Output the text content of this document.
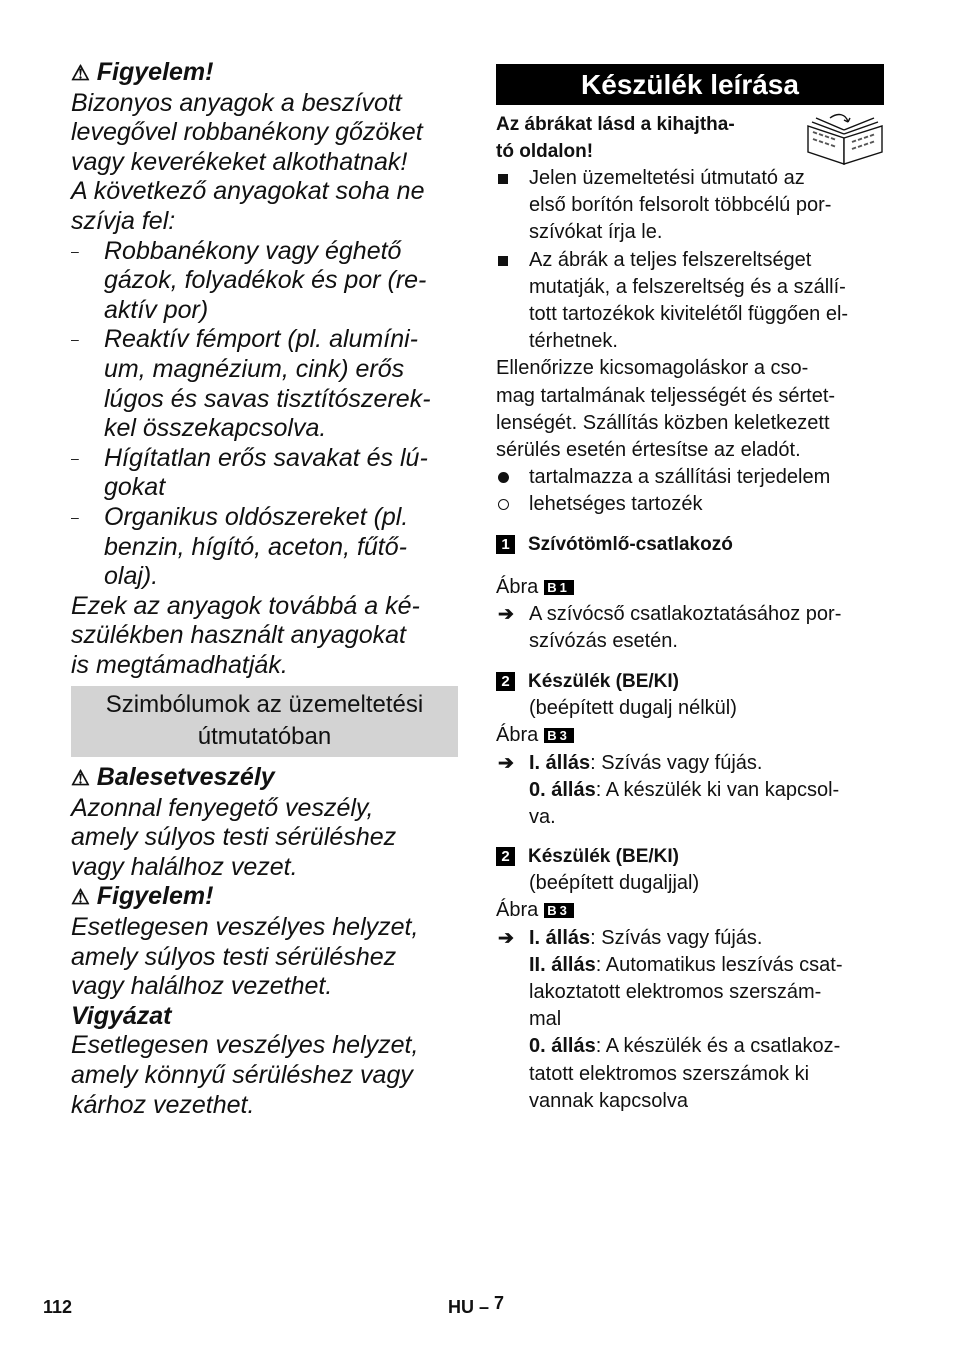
⚠ Figyelem!
Bizonyos anyagok a beszívott
levegővel robbanékony gőzöket
vagy keverékeket alkothatnak!
A következő anyagokat soha ne
szívja fel:
– Robbanékony vagy éghető
gázok, folyadékok és por (re-
aktív por)
– Reaktív fémport (pl. alumíni-
um, magnézium, cink) erős
lúgos és savas tisztítószerek-
kel összekapcsolva.
– Hígítatlan erős savakat és lú-
gokat
– Organikus oldószereket (pl.
benzin, hígító, aceton, fűtő-
olaj).
Ezek az anyagok továbbá a ké-
szülékben használt anyagokat
is megtámadhatják.
Szimbólumok az üzemeltetési
útmutatóban
⚠ Balesetveszély
Azonnal fenyegető veszély,
amely súlyos testi sérüléshez
vagy halálhoz vezet.
⚠ Figyelem!
Esetlegesen veszélyes helyzet,
amely súlyos testi sérüléshez
vagy halálhoz vezethet.
Vigyázat
Esetlegesen veszélyes helyzet,
amely könnyű sérüléshez vagy
kárhoz vezethet.
Készülék leírása
Az ábrákat lásd a kihajtha-
tó oldalon!
Jelen üzemeltetési útmutató az
első borítón felsorolt többcélú por-
szívókat írja le.
Az ábrák a teljes felszereltséget
mutatják, a felszereltség és a szállí-
tott tartozékok kivitelétől függően el-
térhetnek.
Ellenőrizze kicsomagoláskor a cso-
mag tartalmának teljességét és sértet-
lenségét. Szállítás közben keletkezett
sérülés esetén értesítse az eladót.
tartalmazza a szállítási terjedelem
lehetséges tartozék
1 Szívótömlő-csatlakozó
Ábra B1
➔ A szívócső csatlakoztatásához por-
szívózás esetén.
2 Készülék (BE/KI)
(beépített dugalj nélkül)
Ábra B3
➔ I. állás: Szívás vagy fújás.
0. állás: A készülék ki van kapcsol-
va.
2 Készülék (BE/KI)
(beépített dugaljjal)
Ábra B3
➔ I. állás: Szívás vagy fújás.
II. állás: Automatikus leszívás csat-
lakoztatott elektromos szerszám-
mal
0. állás: A készülék és a csatlakoz-
tatott elektromos szerszámok ki
vannak kapcsolva
112	HU – 7
